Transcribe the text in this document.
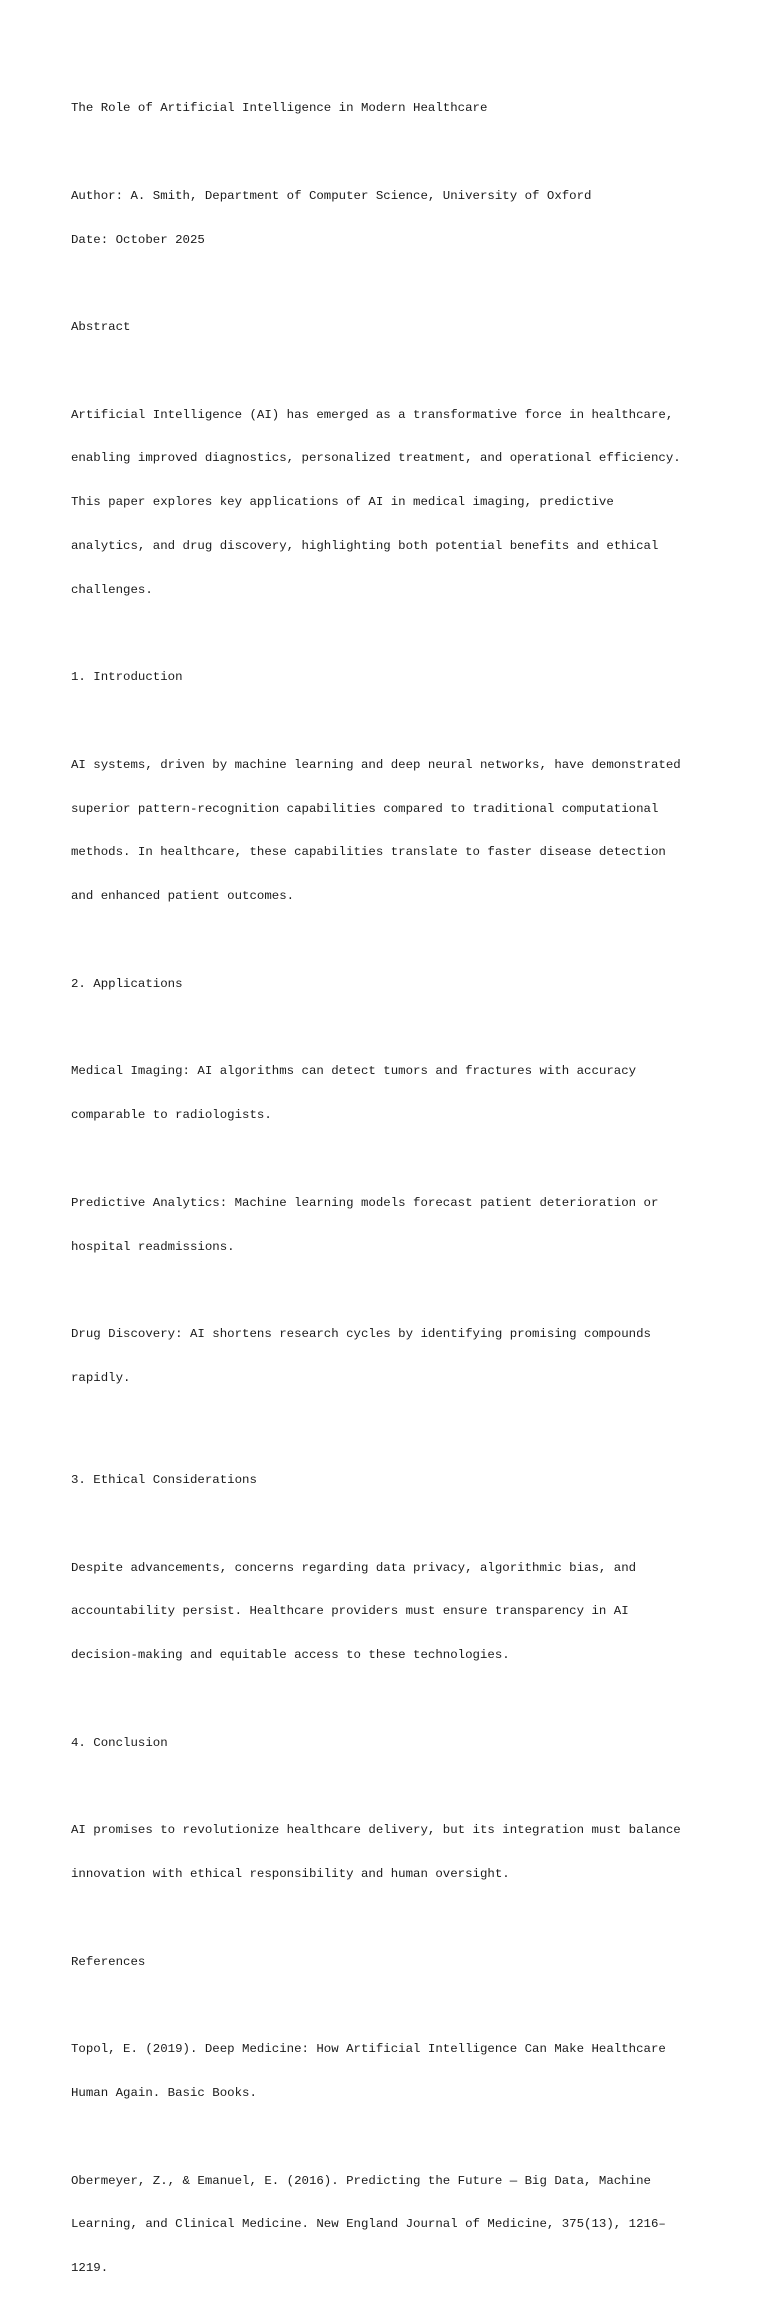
The Role of Artificial Intelligence in Modern Healthcare

Author: A. Smith, Department of Computer Science, University of Oxford

Date: October 2025

Abstract

Artificial Intelligence (AI) has emerged as a transformative force in healthcare,

enabling improved diagnostics, personalized treatment, and operational efficiency.

This paper explores key applications of AI in medical imaging, predictive

analytics, and drug discovery, highlighting both potential benefits and ethical

challenges.

1. Introduction

AI systems, driven by machine learning and deep neural networks, have demonstrated

superior pattern-recognition capabilities compared to traditional computational

methods. In healthcare, these capabilities translate to faster disease detection

and enhanced patient outcomes.

2. Applications

Medical Imaging: AI algorithms can detect tumors and fractures with accuracy

comparable to radiologists.

Predictive Analytics: Machine learning models forecast patient deterioration or

hospital readmissions.

Drug Discovery: AI shortens research cycles by identifying promising compounds

rapidly.

3. Ethical Considerations

Despite advancements, concerns regarding data privacy, algorithmic bias, and

accountability persist. Healthcare providers must ensure transparency in AI

decision-making and equitable access to these technologies.

4. Conclusion

AI promises to revolutionize healthcare delivery, but its integration must balance

innovation with ethical responsibility and human oversight.

References

Topol, E. (2019). Deep Medicine: How Artificial Intelligence Can Make Healthcare

Human Again. Basic Books.

Obermeyer, Z., & Emanuel, E. (2016). Predicting the Future — Big Data, Machine

Learning, and Clinical Medicine. New England Journal of Medicine, 375(13), 1216–

1219.
